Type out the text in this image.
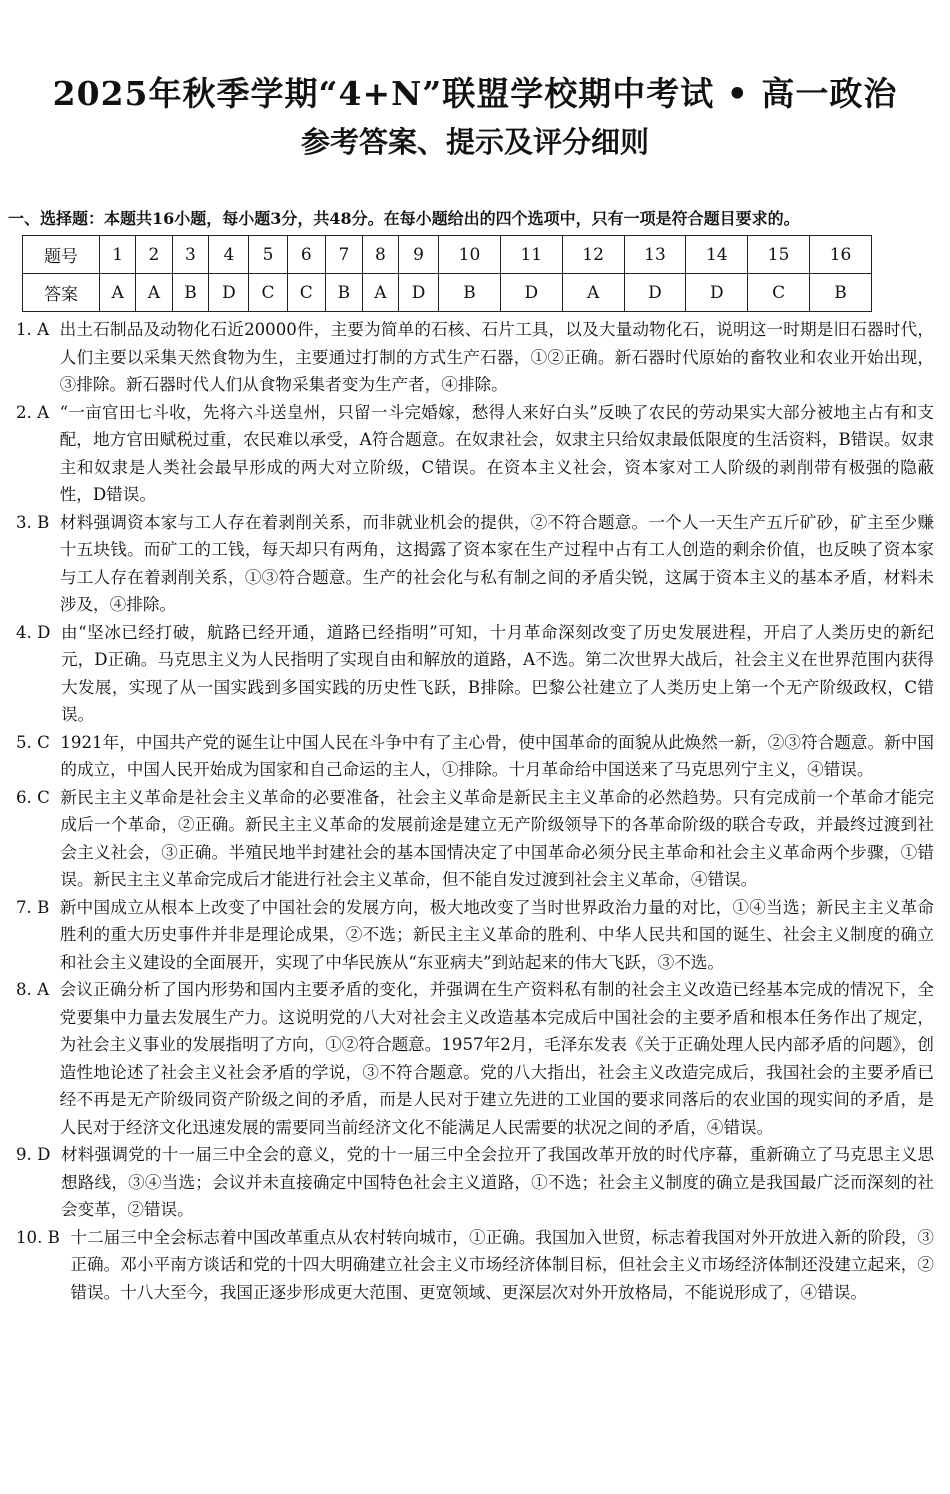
2025年秋季学期“4+N”联盟学校期中考试 • 高一政治
参考答案、提示及评分细则
一、选择题：本题共16小题，每小题3分，共48分。在每小题给出的四个选项中，只有一项是符合题目要求的。
题号	1	2	3	4	5	6	7	8	9	10	11	12	13	14	15	16
答案	A	A	B	D	C	C	B	A	D	B	D	A	D	D	C	B
1. A 出土石制品及动物化石近20000件，主要为简单的石核、石片工具，以及大量动物化石，说明这一时期是旧石器时代，人们主要以采集天然食物为生，主要通过打制的方式生产石器，①②正确。新石器时代原始的畜牧业和农业开始出现，③排除。新石器时代人们从食物采集者变为生产者，④排除。
2. A “一亩官田七斗收，先将六斗送皇州，只留一斗完婚嫁，愁得人来好白头”反映了农民的劳动果实大部分被地主占有和支配，地方官田赋税过重，农民难以承受，A符合题意。在奴隶社会，奴隶主只给奴隶最低限度的生活资料，B错误。奴隶主和奴隶是人类社会最早形成的两大对立阶级，C错误。在资本主义社会，资本家对工人阶级的剥削带有极强的隐蔽性，D错误。
3. B 材料强调资本家与工人存在着剥削关系，而非就业机会的提供，②不符合题意。一个人一天生产五斤矿砂，矿主至少赚十五块钱。而矿工的工钱，每天却只有两角，这揭露了资本家在生产过程中占有工人创造的剩余价值，也反映了资本家与工人存在着剥削关系，①③符合题意。生产的社会化与私有制之间的矛盾尖锐，这属于资本主义的基本矛盾，材料未涉及，④排除。
4. D 由“坚冰已经打破，航路已经开通，道路已经指明”可知，十月革命深刻改变了历史发展进程，开启了人类历史的新纪元，D正确。马克思主义为人民指明了实现自由和解放的道路，A不选。第二次世界大战后，社会主义在世界范围内获得大发展，实现了从一国实践到多国实践的历史性飞跃，B排除。巴黎公社建立了人类历史上第一个无产阶级政权，C错误。
5. C 1921年，中国共产党的诞生让中国人民在斗争中有了主心骨，使中国革命的面貌从此焕然一新，②③符合题意。新中国的成立，中国人民开始成为国家和自己命运的主人，①排除。十月革命给中国送来了马克思列宁主义，④错误。
6. C 新民主主义革命是社会主义革命的必要准备，社会主义革命是新民主主义革命的必然趋势。只有完成前一个革命才能完成后一个革命，②正确。新民主主义革命的发展前途是建立无产阶级领导下的各革命阶级的联合专政，并最终过渡到社会主义社会，③正确。半殖民地半封建社会的基本国情决定了中国革命必须分民主革命和社会主义革命两个步骤，①错误。新民主主义革命完成后才能进行社会主义革命，但不能自发过渡到社会主义革命，④错误。
7. B 新中国成立从根本上改变了中国社会的发展方向，极大地改变了当时世界政治力量的对比，①④当选；新民主主义革命胜利的重大历史事件并非是理论成果，②不选；新民主主义革命的胜利、中华人民共和国的诞生、社会主义制度的确立和社会主义建设的全面展开，实现了中华民族从“东亚病夫”到站起来的伟大飞跃，③不选。
8. A 会议正确分析了国内形势和国内主要矛盾的变化，并强调在生产资料私有制的社会主义改造已经基本完成的情况下，全党要集中力量去发展生产力。这说明党的八大对社会主义改造基本完成后中国社会的主要矛盾和根本任务作出了规定，为社会主义事业的发展指明了方向，①②符合题意。1957年2月，毛泽东发表《关于正确处理人民内部矛盾的问题》，创造性地论述了社会主义社会矛盾的学说，③不符合题意。党的八大指出，社会主义改造完成后，我国社会的主要矛盾已经不再是无产阶级同资产阶级之间的矛盾，而是人民对于建立先进的工业国的要求同落后的农业国的现实间的矛盾，是人民对于经济文化迅速发展的需要同当前经济文化不能满足人民需要的状况之间的矛盾，④错误。
9. D 材料强调党的十一届三中全会的意义，党的十一届三中全会拉开了我国改革开放的时代序幕，重新确立了马克思主义思想路线，③④当选；会议并未直接确定中国特色社会主义道路，①不选；社会主义制度的确立是我国最广泛而深刻的社会变革，②错误。
10. B 十二届三中全会标志着中国改革重点从农村转向城市，①正确。我国加入世贸，标志着我国对外开放进入新的阶段，③正确。邓小平南方谈话和党的十四大明确建立社会主义市场经济体制目标，但社会主义市场经济体制还没建立起来，②错误。十八大至今，我国正逐步形成更大范围、更宽领域、更深层次对外开放格局，不能说形成了，④错误。
